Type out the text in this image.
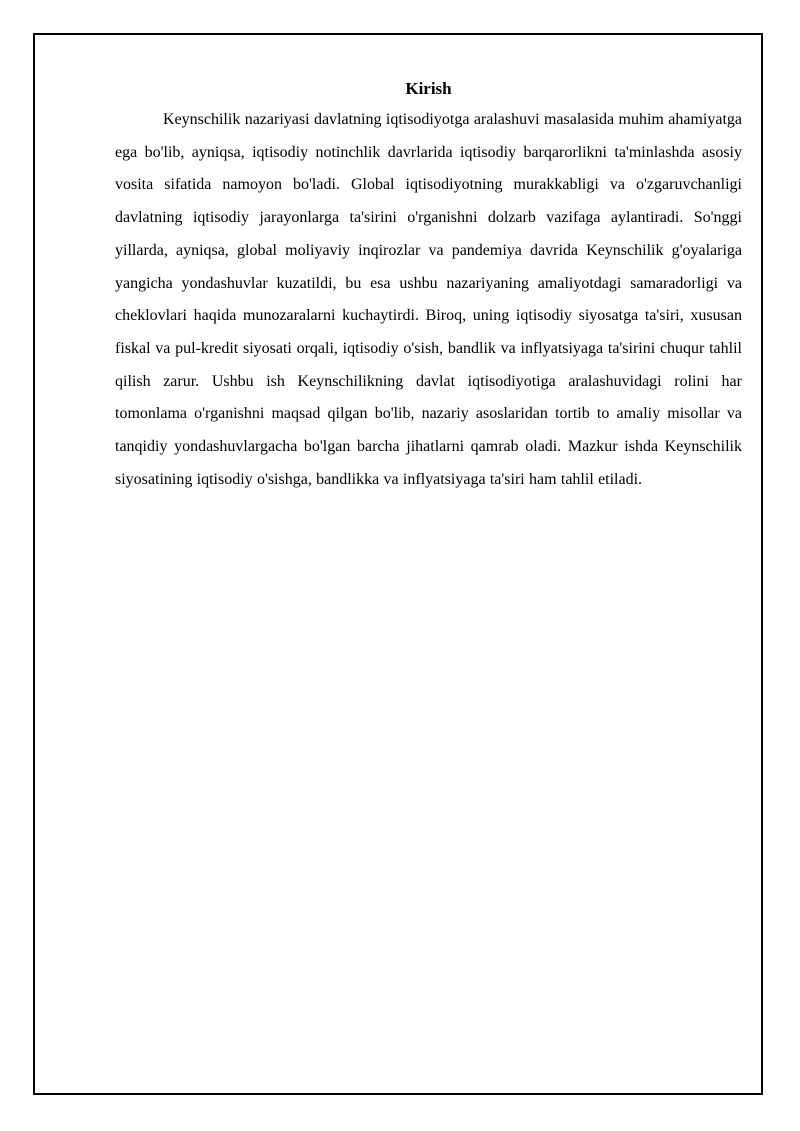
Kirish

Keynschilik nazariyasi davlatning iqtisodiyotga aralashuvi masalasida muhim ahamiyatga ega bo'lib, ayniqsa, iqtisodiy notinchlik davrlarida iqtisodiy barqarorlikni ta'minlashda asosiy vosita sifatida namoyon bo'ladi. Global iqtisodiyotning murakkabligi va o'zgaruvchanligi davlatning iqtisodiy jarayonlarga ta'sirini o'rganishni dolzarb vazifaga aylantiradi. So'nggi yillarda, ayniqsa, global moliyaviy inqirozlar va pandemiya davrida Keynschilik g'oyalariga yangicha yondashuvlar kuzatildi, bu esa ushbu nazariyaning amaliyotdagi samaradorligi va cheklovlari haqida munozaralarni kuchaytirdi. Biroq, uning iqtisodiy siyosatga ta'siri, xususan fiskal va pul-kredit siyosati orqali, iqtisodiy o'sish, bandlik va inflyatsiyaga ta'sirini chuqur tahlil qilish zarur. Ushbu ish Keynschilikning davlat iqtisodiyotiga aralashuvidagi rolini har tomonlama o'rganishni maqsad qilgan bo'lib, nazariy asoslaridan tortib to amaliy misollar va tanqidiy yondashuvlargacha bo'lgan barcha jihatlarni qamrab oladi. Mazkur ishda Keynschilik siyosatining iqtisodiy o'sishga, bandlikka va inflyatsiyaga ta'siri ham tahlil etiladi.
